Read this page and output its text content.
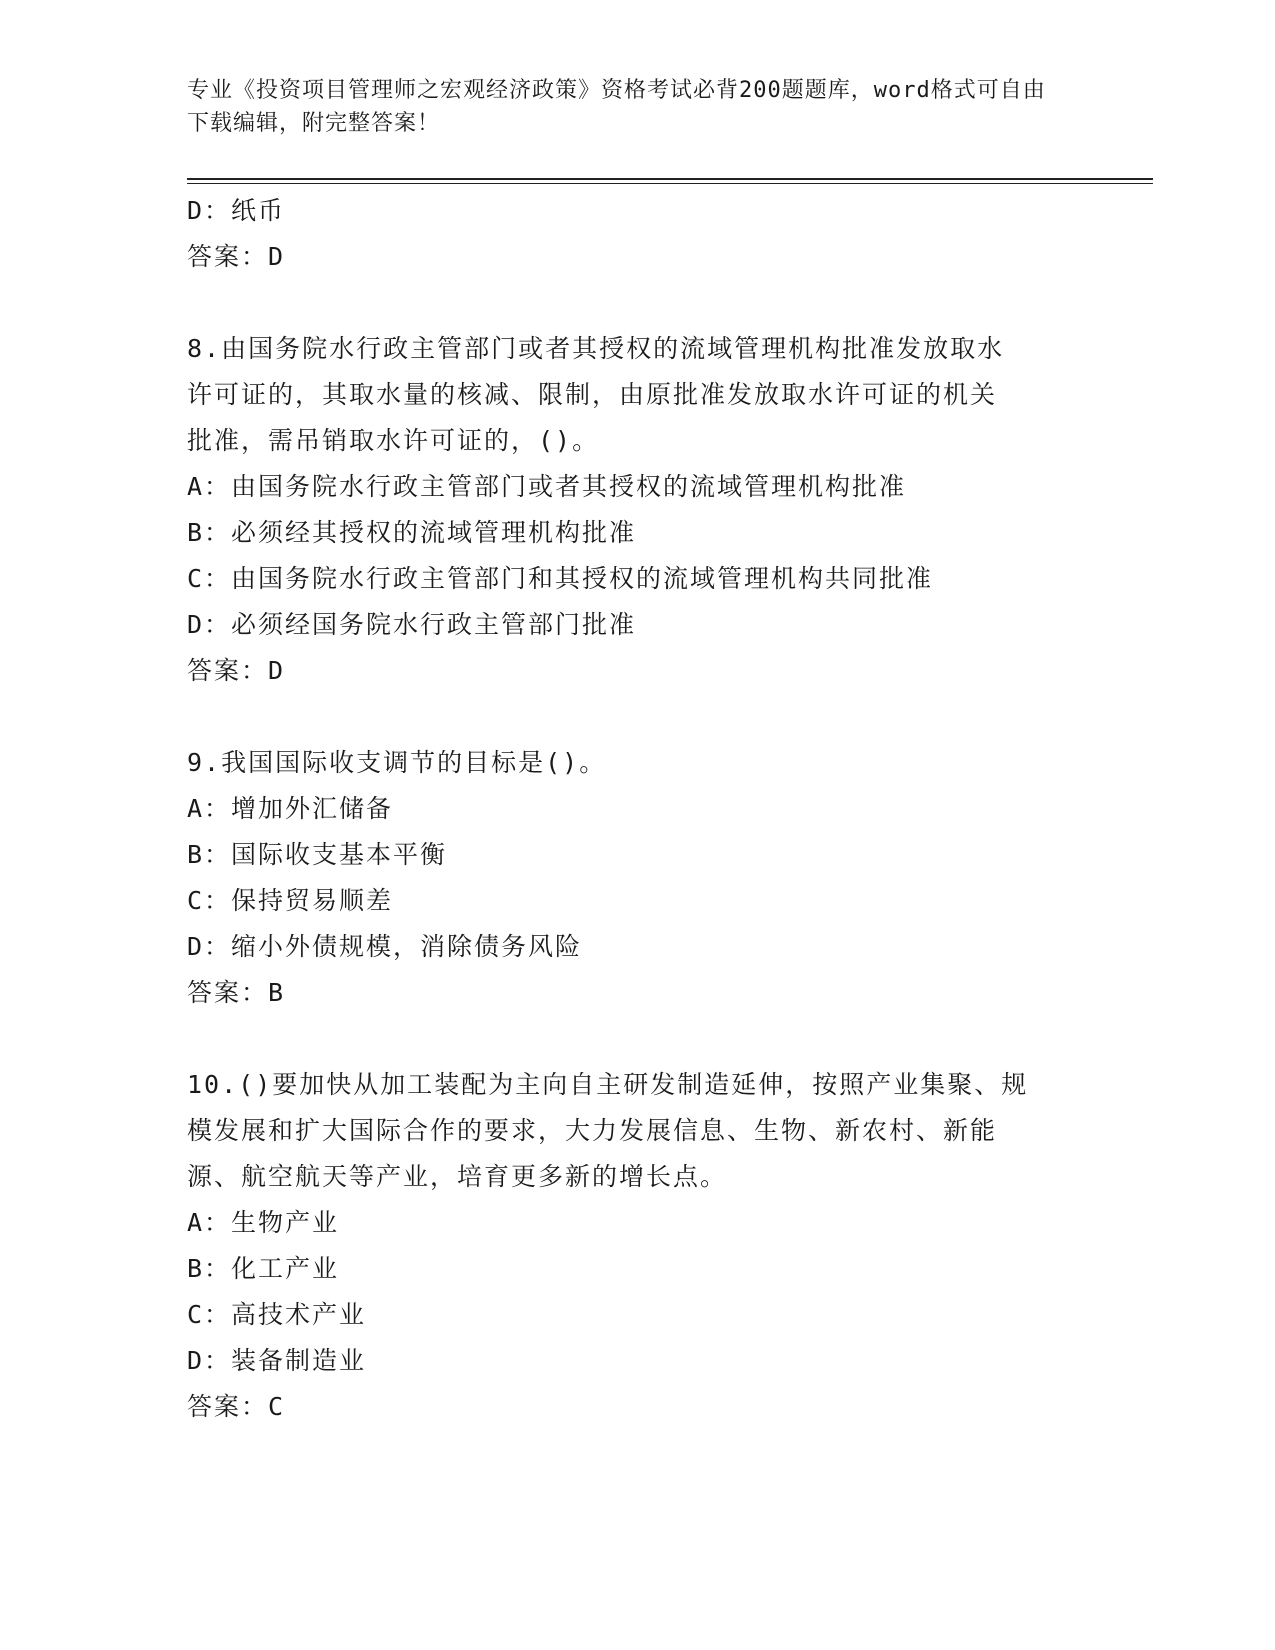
专业《投资项目管理师之宏观经济政策》资格考试必背200题题库，word格式可自由下载编辑，附完整答案！
D：纸币
答案：D
8.由国务院水行政主管部门或者其授权的流域管理机构批准发放取水
许可证的，其取水量的核减、限制，由原批准发放取水许可证的机关
批准，需吊销取水许可证的，()。
A：由国务院水行政主管部门或者其授权的流域管理机构批准
B：必须经其授权的流域管理机构批准
C：由国务院水行政主管部门和其授权的流域管理机构共同批准
D：必须经国务院水行政主管部门批准
答案：D
9.我国国际收支调节的目标是()。
A：增加外汇储备
B：国际收支基本平衡
C：保持贸易顺差
D：缩小外债规模，消除债务风险
答案：B
10.()要加快从加工装配为主向自主研发制造延伸，按照产业集聚、规
模发展和扩大国际合作的要求，大力发展信息、生物、新农村、新能
源、航空航天等产业，培育更多新的增长点。
A：生物产业
B：化工产业
C：高技术产业
D：装备制造业
答案：C
